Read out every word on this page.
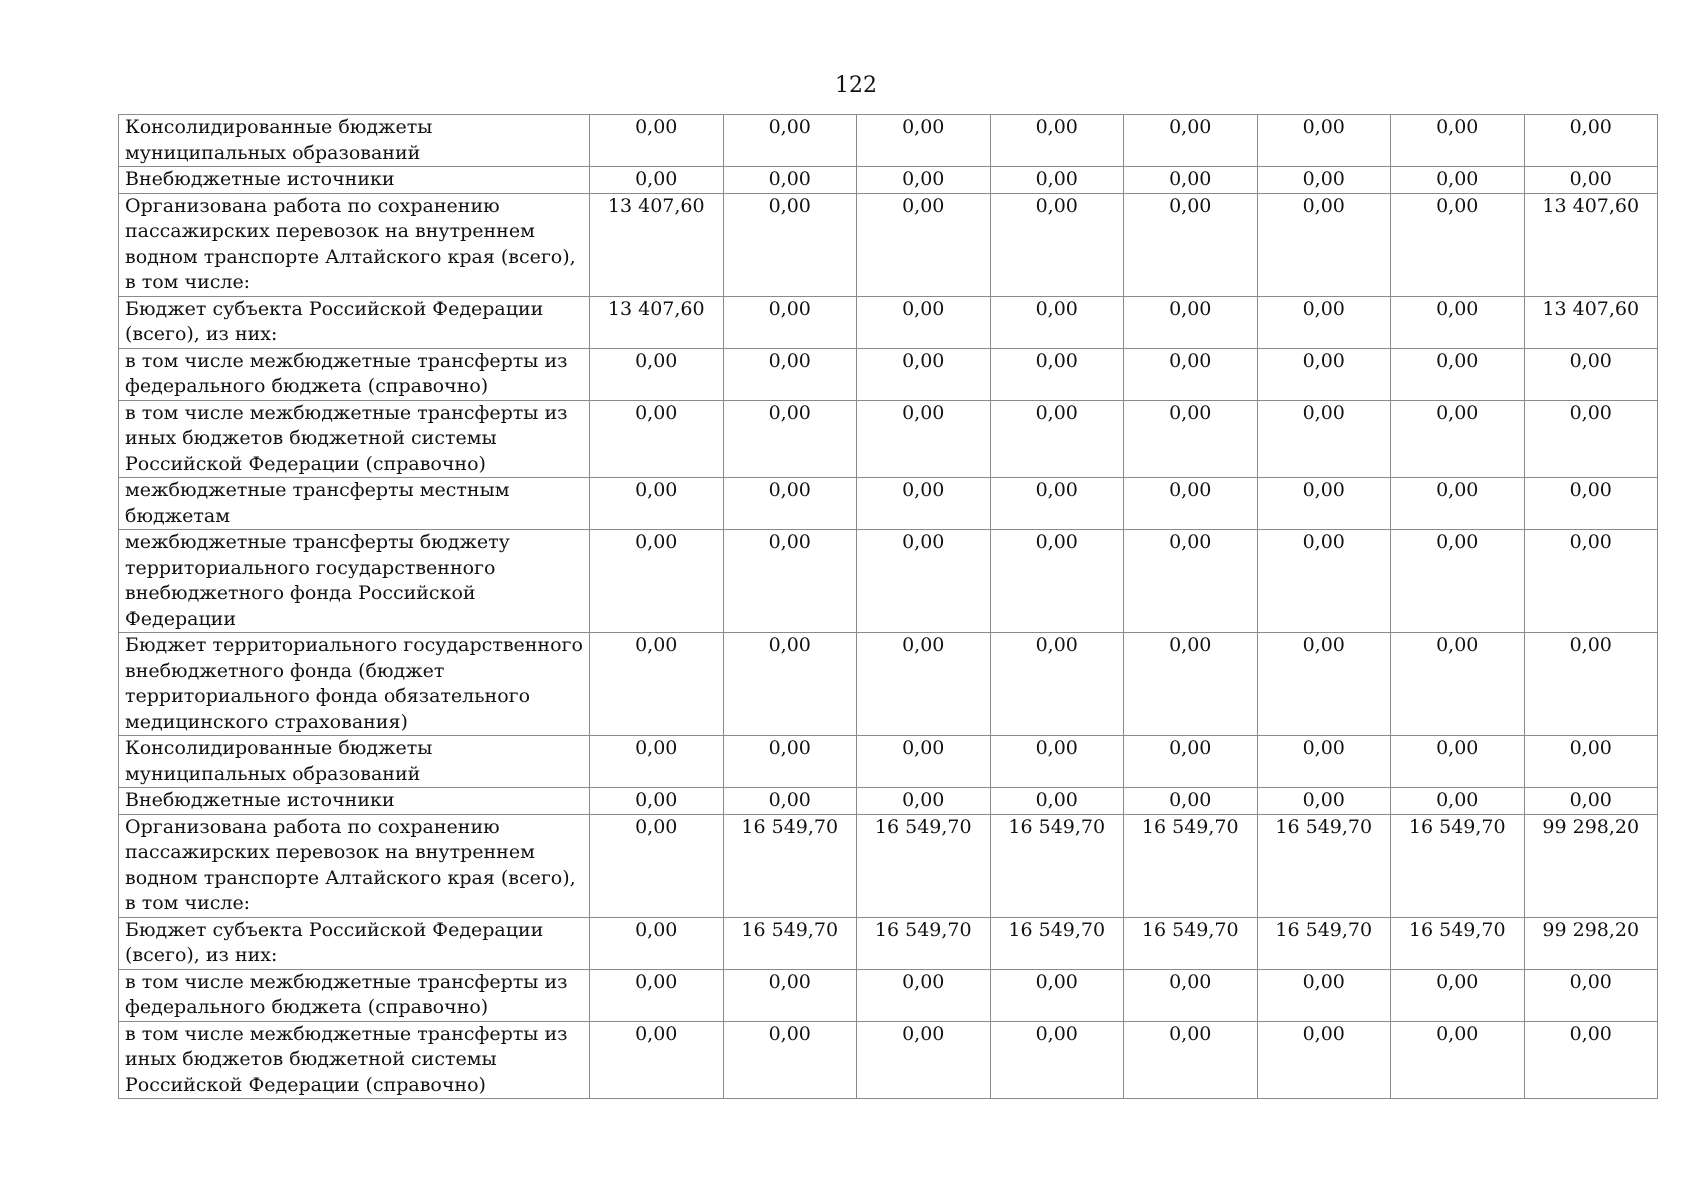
122
Консолидированные бюджеты муниципальных образований	0,00	0,00	0,00	0,00	0,00	0,00	0,00	0,00
Внебюджетные источники	0,00	0,00	0,00	0,00	0,00	0,00	0,00	0,00
Организована работа по сохранению пассажирских перевозок на внутреннем водном транспорте Алтайского края (всего), в том числе:	13 407,60	0,00	0,00	0,00	0,00	0,00	0,00	13 407,60
Бюджет субъекта Российской Федерации (всего), из них:	13 407,60	0,00	0,00	0,00	0,00	0,00	0,00	13 407,60
в том числе межбюджетные трансферты из федерального бюджета (справочно)	0,00	0,00	0,00	0,00	0,00	0,00	0,00	0,00
в том числе межбюджетные трансферты из иных бюджетов бюджетной системы Российской Федерации (справочно)	0,00	0,00	0,00	0,00	0,00	0,00	0,00	0,00
межбюджетные трансферты местным бюджетам	0,00	0,00	0,00	0,00	0,00	0,00	0,00	0,00
межбюджетные трансферты бюджету территориального государственного внебюджетного фонда Российской Федерации	0,00	0,00	0,00	0,00	0,00	0,00	0,00	0,00
Бюджет территориального государственного внебюджетного фонда (бюджет территориального фонда обязательного медицинского страхования)	0,00	0,00	0,00	0,00	0,00	0,00	0,00	0,00
Консолидированные бюджеты муниципальных образований	0,00	0,00	0,00	0,00	0,00	0,00	0,00	0,00
Внебюджетные источники	0,00	0,00	0,00	0,00	0,00	0,00	0,00	0,00
Организована работа по сохранению пассажирских перевозок на внутреннем водном транспорте Алтайского края (всего), в том числе:	0,00	16 549,70	16 549,70	16 549,70	16 549,70	16 549,70	16 549,70	99 298,20
Бюджет субъекта Российской Федерации (всего), из них:	0,00	16 549,70	16 549,70	16 549,70	16 549,70	16 549,70	16 549,70	99 298,20
в том числе межбюджетные трансферты из федерального бюджета (справочно)	0,00	0,00	0,00	0,00	0,00	0,00	0,00	0,00
в том числе межбюджетные трансферты из иных бюджетов бюджетной системы Российской Федерации (справочно)	0,00	0,00	0,00	0,00	0,00	0,00	0,00	0,00
